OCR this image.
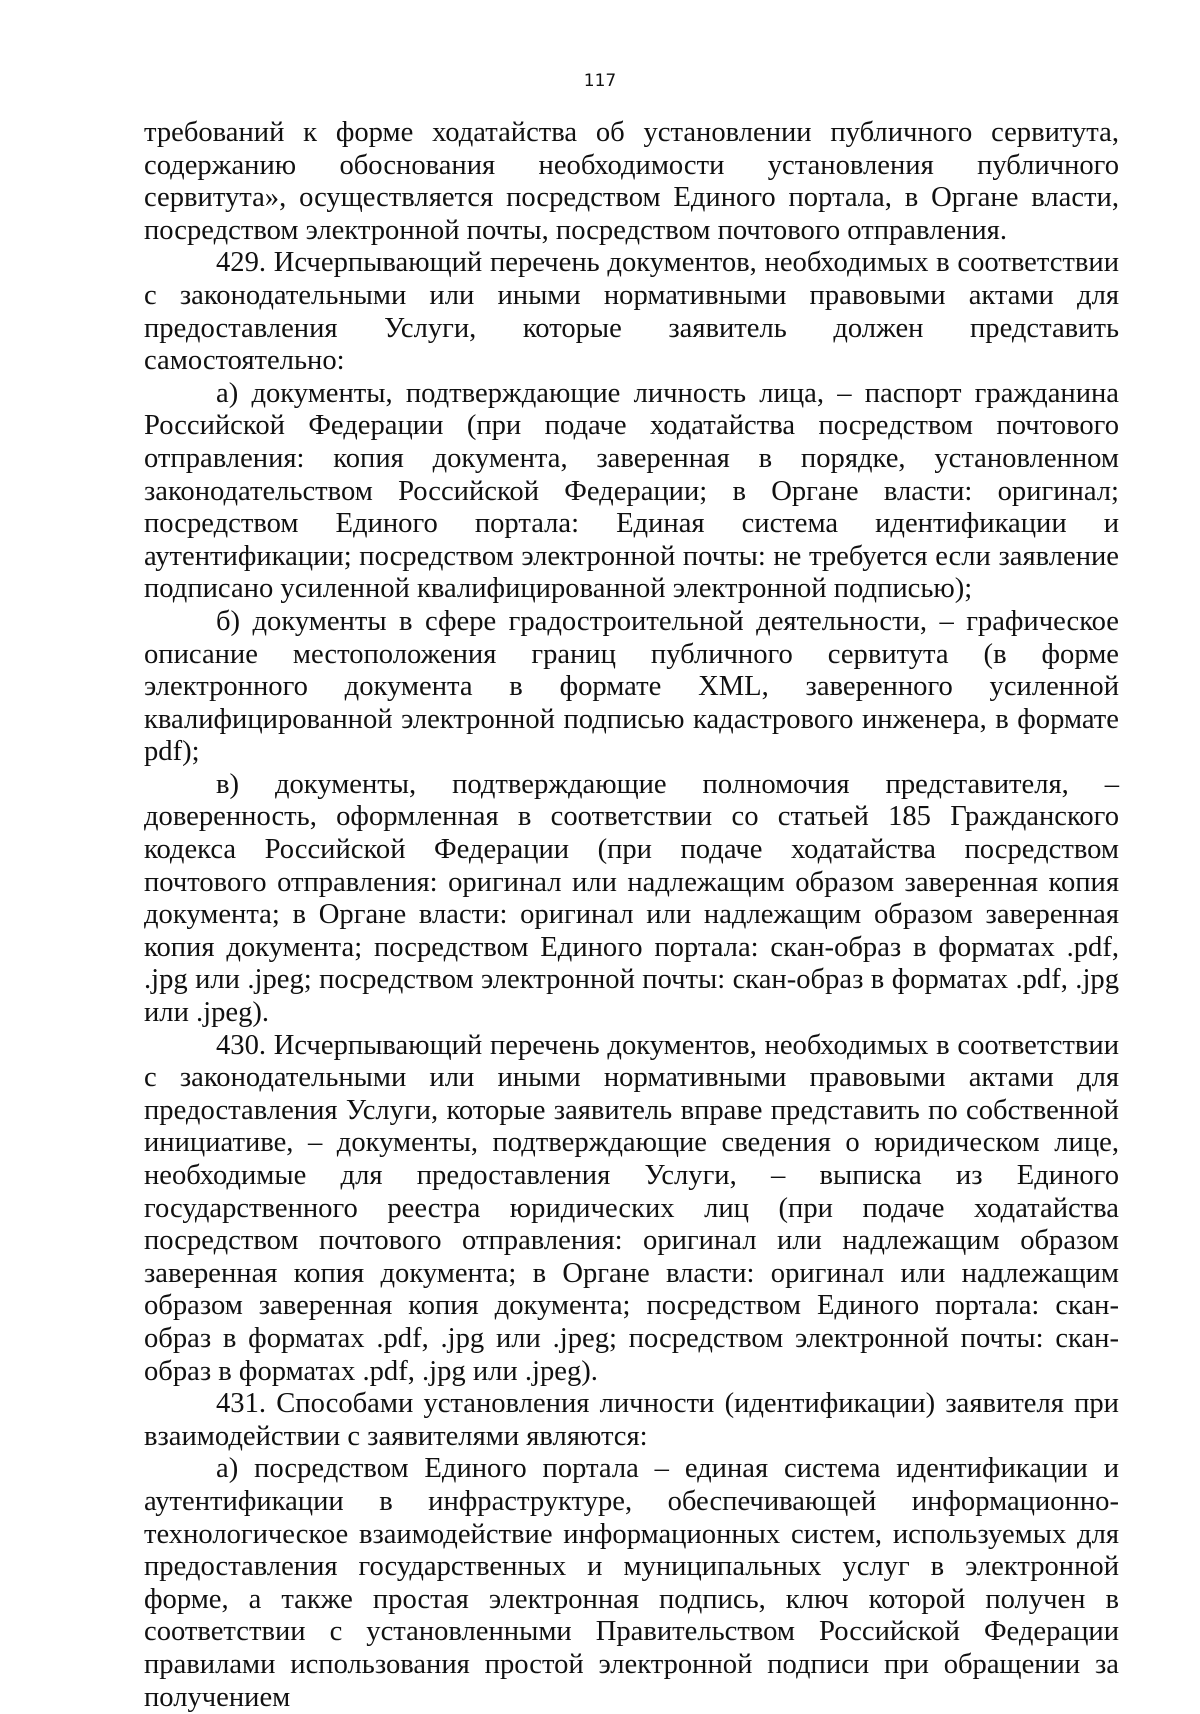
117

требований к форме ходатайства об установлении публичного сервитута, содержанию обоснования необходимости установления публичного сервитута», осуществляется посредством Единого портала, в Органе власти, посредством электронной почты, посредством почтового отправления.

429. Исчерпывающий перечень документов, необходимых в соответствии с законодательными или иными нормативными правовыми актами для предоставления Услуги, которые заявитель должен представить самостоятельно:

а) документы, подтверждающие личность лица, – паспорт гражданина Российской Федерации (при подаче ходатайства посредством почтового отправления: копия документа, заверенная в порядке, установленном законодательством Российской Федерации; в Органе власти: оригинал; посредством Единого портала: Единая система идентификации и аутентификации; посредством электронной почты: не требуется если заявление подписано усиленной квалифицированной электронной подписью);

б) документы в сфере градостроительной деятельности, – графическое описание местоположения границ публичного сервитута (в форме электронного документа в формате XML, заверенного усиленной квалифицированной электронной подписью кадастрового инженера, в формате pdf);

в) документы, подтверждающие полномочия представителя, – доверенность, оформленная в соответствии со статьей 185 Гражданского кодекса Российской Федерации (при подаче ходатайства посредством почтового отправления: оригинал или надлежащим образом заверенная копия документа; в Органе власти: оригинал или надлежащим образом заверенная копия документа; посредством Единого портала: скан-образ в форматах .pdf, .jpg или .jpeg; посредством электронной почты: скан-образ в форматах .pdf, .jpg или .jpeg).

430. Исчерпывающий перечень документов, необходимых в соответствии с законодательными или иными нормативными правовыми актами для предоставления Услуги, которые заявитель вправе представить по собственной инициативе, – документы, подтверждающие сведения о юридическом лице, необходимые для предоставления Услуги, – выписка из Единого государственного реестра юридических лиц (при подаче ходатайства посредством почтового отправления: оригинал или надлежащим образом заверенная копия документа; в Органе власти: оригинал или надлежащим образом заверенная копия документа; посредством Единого портала: скан-образ в форматах .pdf, .jpg или .jpeg; посредством электронной почты: скан-образ в форматах .pdf, .jpg или .jpeg).

431. Способами установления личности (идентификации) заявителя при взаимодействии с заявителями являются:

а) посредством Единого портала – единая система идентификации и аутентификации в инфраструктуре, обеспечивающей информационно-технологическое взаимодействие информационных систем, используемых для предоставления государственных и муниципальных услуг в электронной форме, а также простая электронная подпись, ключ которой получен в соответствии с установленными Правительством Российской Федерации правилами использования простой электронной подписи при обращении за получением
